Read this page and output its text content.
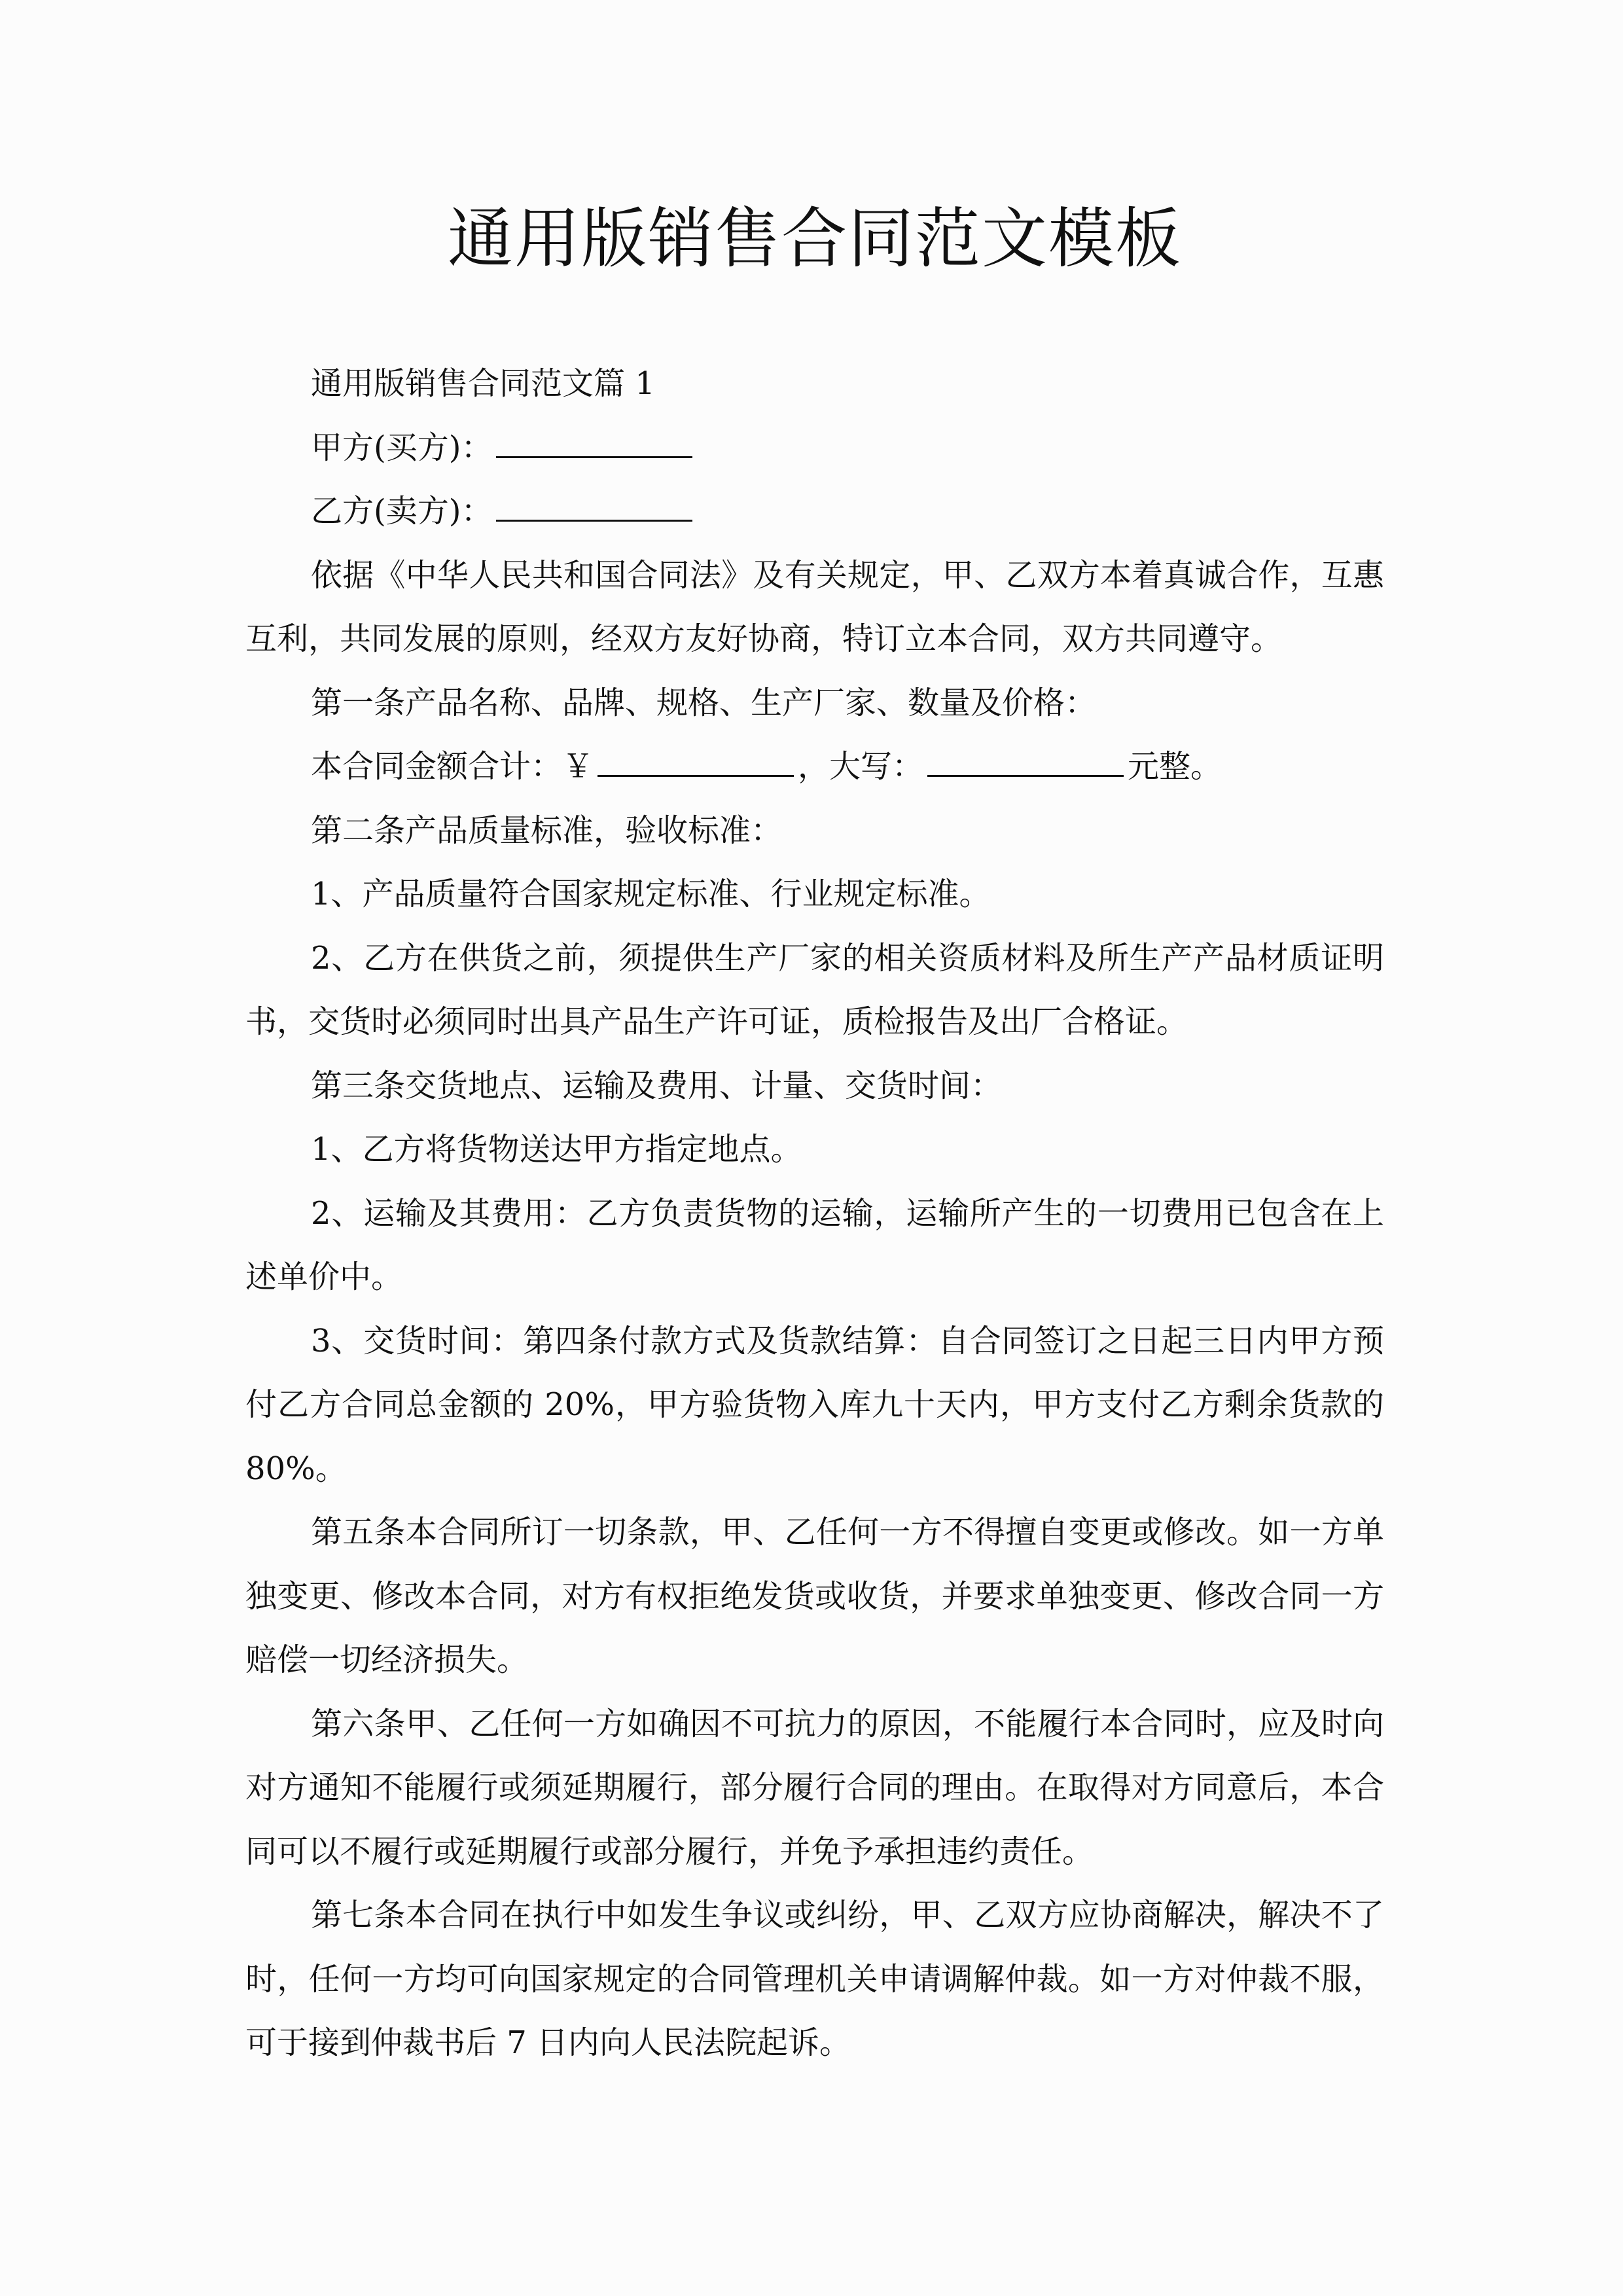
通用版销售合同范文模板

通用版销售合同范文篇 1

甲方(买方)：

乙方(卖方)：

依据《中华人民共和国合同法》及有关规定，甲、乙双方本着真诚合作，互惠互利，共同发展的原则，经双方友好协商，特订立本合同，双方共同遵守。

第一条产品名称、品牌、规格、生产厂家、数量及价格：

本合同金额合计：￥	，大写：	元整。

第二条产品质量标准，验收标准：

1、产品质量符合国家规定标准、行业规定标准。

2、乙方在供货之前，须提供生产厂家的相关资质材料及所生产产品材质证明书，交货时必须同时出具产品生产许可证，质检报告及出厂合格证。

第三条交货地点、运输及费用、计量、交货时间：

1、乙方将货物送达甲方指定地点。

2、运输及其费用：乙方负责货物的运输，运输所产生的一切费用已包含在上述单价中。

3、交货时间：第四条付款方式及货款结算：自合同签订之日起三日内甲方预付乙方合同总金额的 20%，甲方验货物入库九十天内，甲方支付乙方剩余货款的 80%。

第五条本合同所订一切条款，甲、乙任何一方不得擅自变更或修改。如一方单独变更、修改本合同，对方有权拒绝发货或收货，并要求单独变更、修改合同一方赔偿一切经济损失。

第六条甲、乙任何一方如确因不可抗力的原因，不能履行本合同时，应及时向对方通知不能履行或须延期履行，部分履行合同的理由。在取得对方同意后，本合同可以不履行或延期履行或部分履行，并免予承担违约责任。

第七条本合同在执行中如发生争议或纠纷，甲、乙双方应协商解决，解决不了时，任何一方均可向国家规定的合同管理机关申请调解仲裁。如一方对仲裁不服，可于接到仲裁书后 7 日内向人民法院起诉。
